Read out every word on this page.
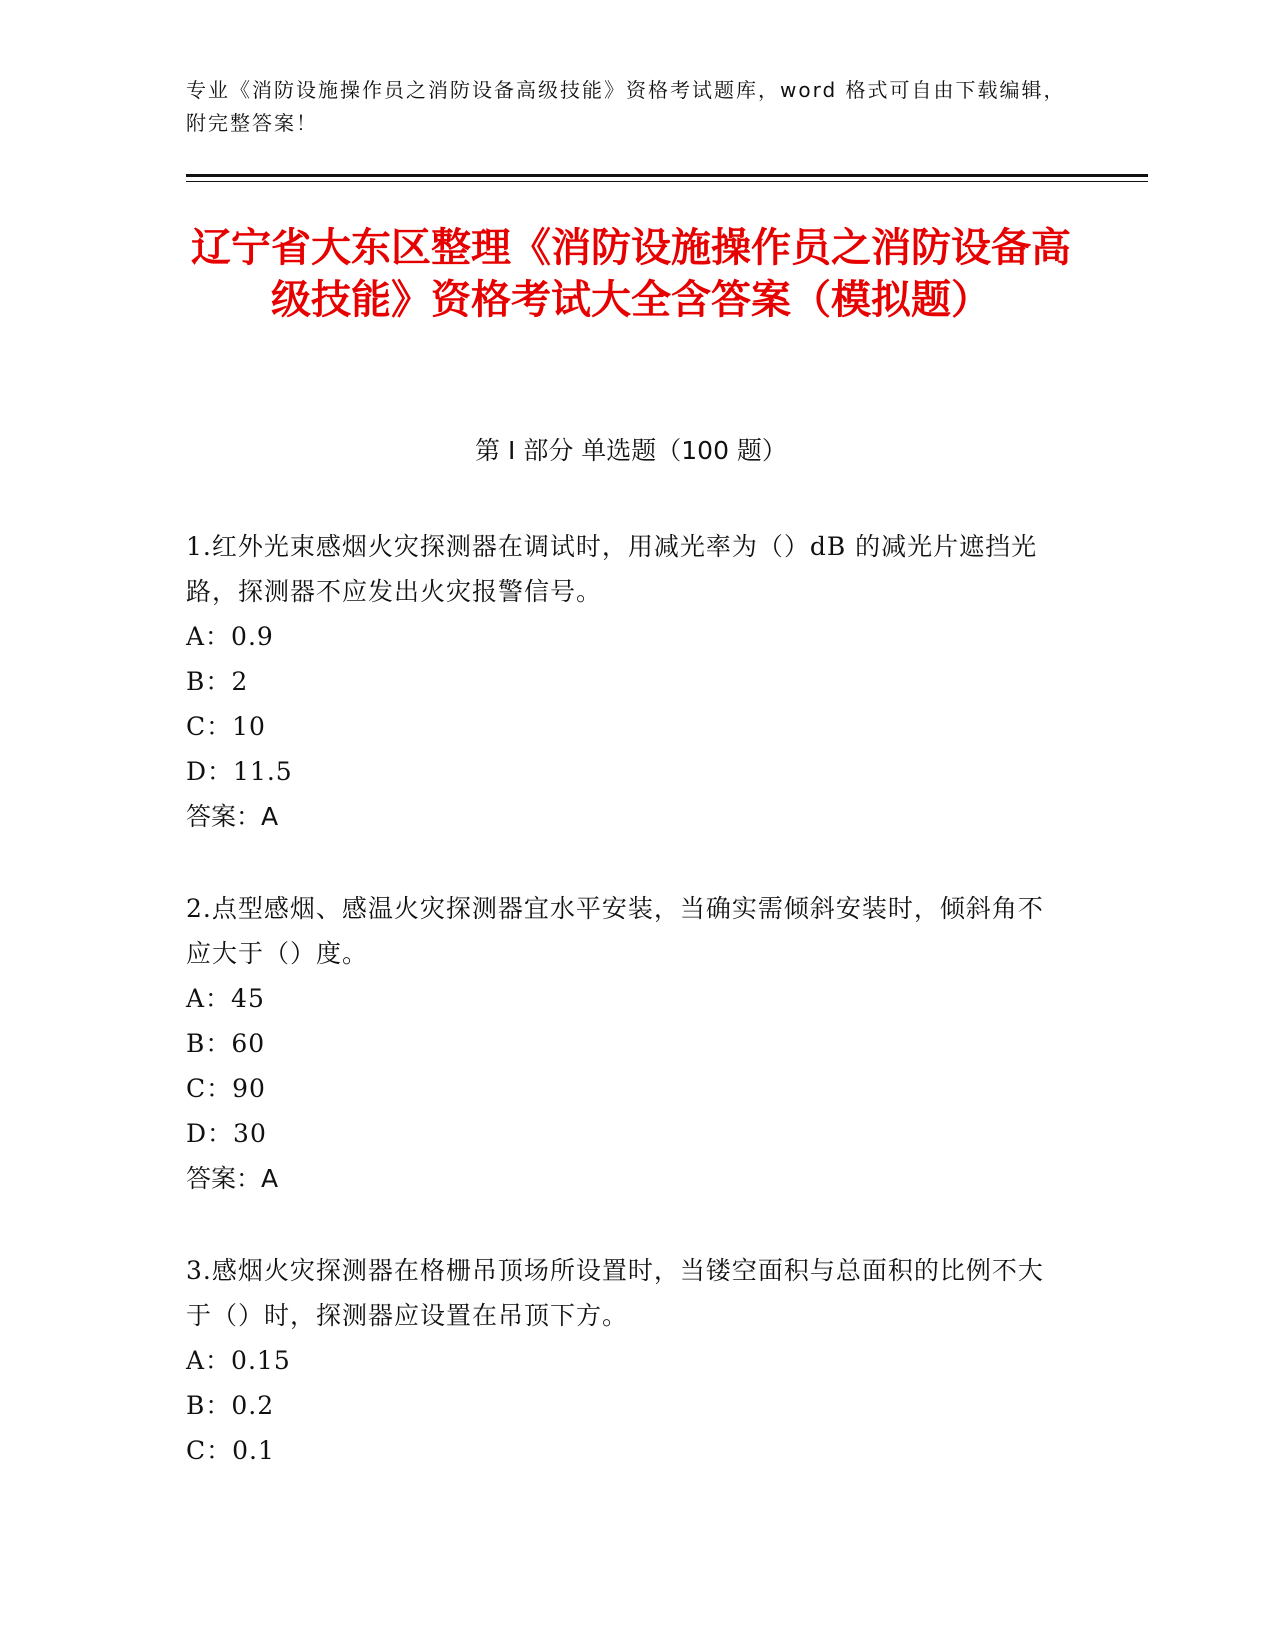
专业《消防设施操作员之消防设备高级技能》资格考试题库，word 格式可自由下载编辑，附完整答案！
辽宁省大东区整理《消防设施操作员之消防设备高级技能》资格考试大全含答案（模拟题）
第 I 部分 单选题（100 题）

1.红外光束感烟火灾探测器在调试时，用减光率为（）dB 的减光片遮挡光路，探测器不应发出火灾报警信号。

A：0.9

B：2

C：10

D：11.5

答案：A

2.点型感烟、感温火灾探测器宜水平安装，当确实需倾斜安装时，倾斜角不应大于（）度。

A：45

B：60

C：90

D：30

答案：A

3.感烟火灾探测器在格栅吊顶场所设置时，当镂空面积与总面积的比例不大于（）时，探测器应设置在吊顶下方。

A：0.15

B：0.2

C：0.1
